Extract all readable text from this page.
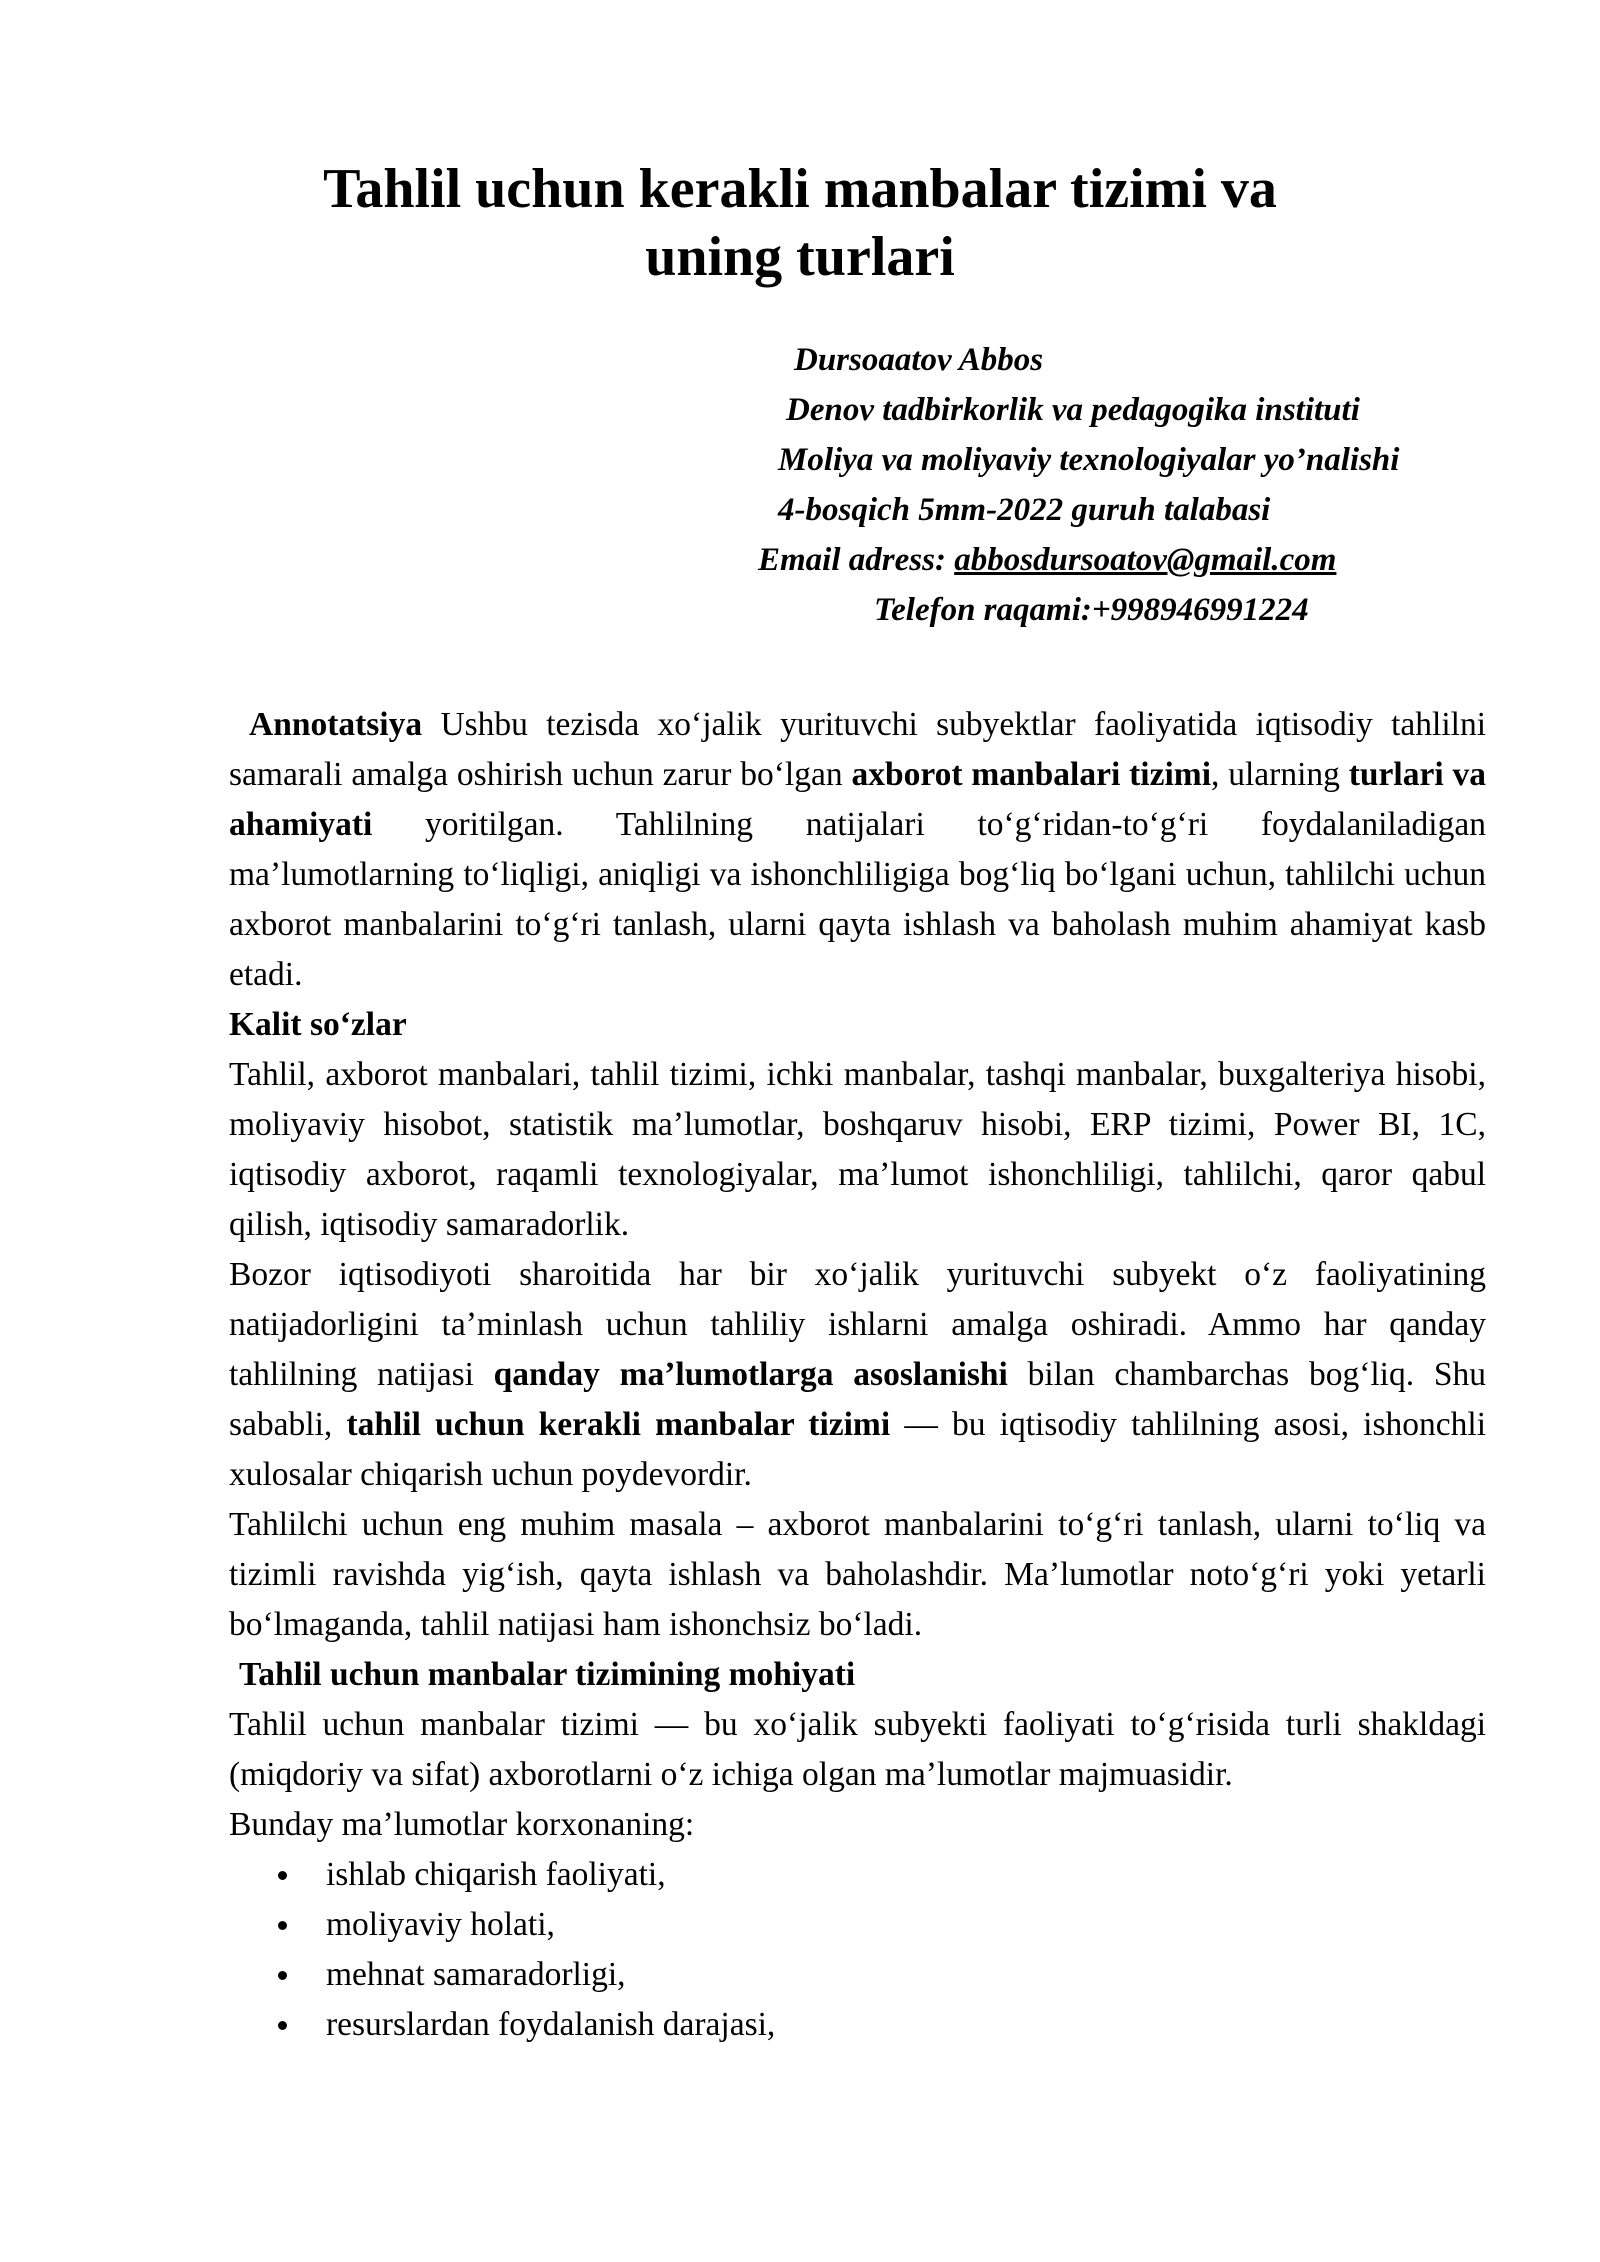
Tahlil uchun kerakli manbalar tizimi va
uning turlari
Dursoaatov Abbos
Denov tadbirkorlik va pedagogika instituti
Moliya va moliyaviy texnologiyalar yo’nalishi
4-bosqich 5mm-2022 guruh talabasi
Email adress: abbosdursoatov@gmail.com
Telefon raqami:+998946991224

Annotatsiya Ushbu tezisda xoʻjalik yurituvchi subyektlar faoliyatida iqtisodiy tahlilni samarali amalga oshirish uchun zarur boʻlgan axborot manbalari tizimi, ularning turlari va ahamiyati yoritilgan. Tahlilning natijalari toʻgʻridan-toʻgʻri foydalaniladigan maʼlumotlarning toʻliqligi, aniqligi va ishonchliligiga bogʻliq boʻlgani uchun, tahlilchi uchun axborot manbalarini toʻgʻri tanlash, ularni qayta ishlash va baholash muhim ahamiyat kasb etadi.

Kalit soʻzlar

Tahlil, axborot manbalari, tahlil tizimi, ichki manbalar, tashqi manbalar, buxgalteriya hisobi, moliyaviy hisobot, statistik maʼlumotlar, boshqaruv hisobi, ERP tizimi, Power BI, 1C, iqtisodiy axborot, raqamli texnologiyalar, maʼlumot ishonchliligi, tahlilchi, qaror qabul qilish, iqtisodiy samaradorlik.

Bozor iqtisodiyoti sharoitida har bir xoʻjalik yurituvchi subyekt oʻz faoliyatining natijadorligini taʼminlash uchun tahliliy ishlarni amalga oshiradi. Ammo har qanday tahlilning natijasi qanday maʼlumotlarga asoslanishi bilan chambarchas bogʻliq. Shu sababli, tahlil uchun kerakli manbalar tizimi — bu iqtisodiy tahlilning asosi, ishonchli xulosalar chiqarish uchun poydevordir.

Tahlilchi uchun eng muhim masala – axborot manbalarini toʻgʻri tanlash, ularni toʻliq va tizimli ravishda yigʻish, qayta ishlash va baholashdir. Maʼlumotlar notoʻgʻri yoki yetarli boʻlmaganda, tahlil natijasi ham ishonchsiz boʻladi.

Tahlil uchun manbalar tizimining mohiyati

Tahlil uchun manbalar tizimi — bu xoʻjalik subyekti faoliyati toʻgʻrisida turli shakldagi (miqdoriy va sifat) axborotlarni oʻz ichiga olgan maʼlumotlar majmuasidir.

Bunday maʼlumotlar korxonaning:

ishlab chiqarish faoliyati,
moliyaviy holati,
mehnat samaradorligi,
resurslardan foydalanish darajasi,
